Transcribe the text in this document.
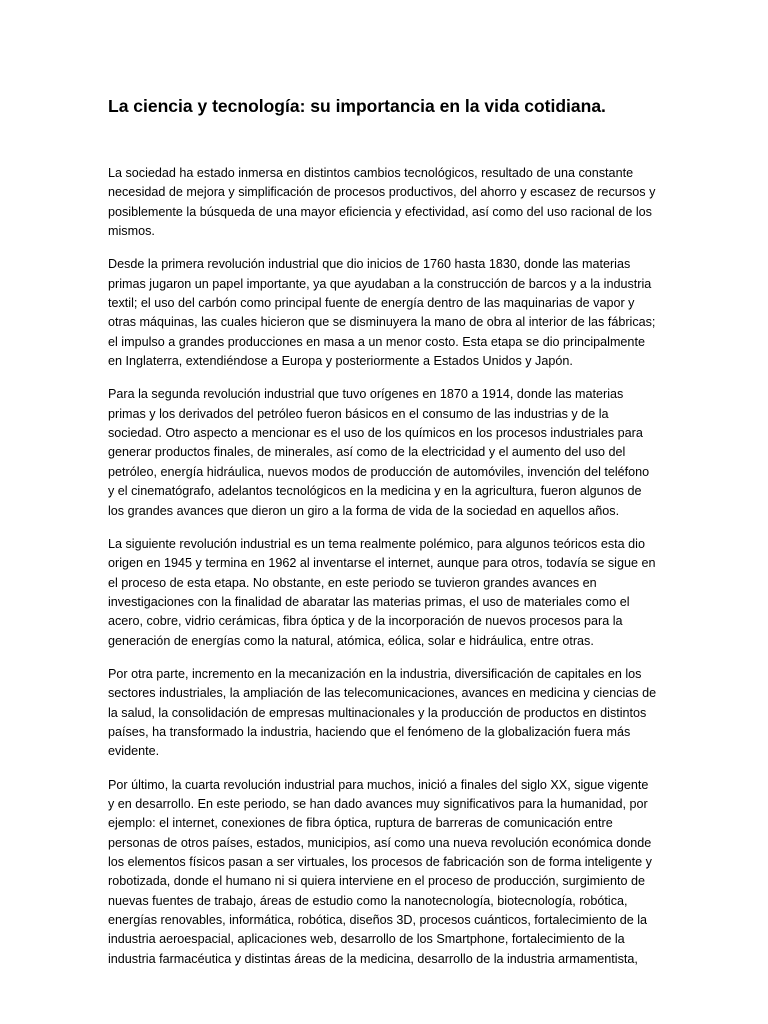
La ciencia y tecnología: su importancia en la vida cotidiana.

La sociedad ha estado inmersa en distintos cambios tecnológicos, resultado de una constante necesidad de mejora y simplificación de procesos productivos, del ahorro y escasez de recursos y posiblemente la búsqueda de una mayor eficiencia y efectividad, así como del uso racional de los mismos.

Desde la primera revolución industrial que dio inicios de 1760 hasta 1830, donde las materias primas jugaron un papel importante, ya que ayudaban a la construcción de barcos y a la industria textil; el uso del carbón como principal fuente de energía dentro de las maquinarias de vapor y otras máquinas, las cuales hicieron que se disminuyera la mano de obra al interior de las fábricas; el impulso a grandes producciones en masa a un menor costo. Esta etapa se dio principalmente en Inglaterra, extendiéndose a Europa y posteriormente a Estados Unidos y Japón.

Para la segunda revolución industrial que tuvo orígenes en 1870 a 1914, donde las materias primas y los derivados del petróleo fueron básicos en el consumo de las industrias y de la sociedad. Otro aspecto a mencionar es el uso de los químicos en los procesos industriales para generar productos finales, de minerales, así como de la electricidad y el aumento del uso del petróleo, energía hidráulica, nuevos modos de producción de automóviles, invención del teléfono y el cinematógrafo, adelantos tecnológicos en la medicina y en la agricultura, fueron algunos de los grandes avances que dieron un giro a la forma de vida de la sociedad en aquellos años.

La siguiente revolución industrial es un tema realmente polémico, para algunos teóricos esta dio origen en 1945 y termina en 1962 al inventarse el internet, aunque para otros, todavía se sigue en el proceso de esta etapa. No obstante, en este periodo se tuvieron grandes avances en investigaciones con la finalidad de abaratar las materias primas, el uso de materiales como el acero, cobre, vidrio cerámicas, fibra óptica y de la incorporación de nuevos procesos para la generación de energías como la natural, atómica, eólica, solar e hidráulica, entre otras.

Por otra parte, incremento en la mecanización en la industria, diversificación de capitales en los sectores industriales, la ampliación de las telecomunicaciones, avances en medicina y ciencias de la salud, la consolidación de empresas multinacionales y la producción de productos en distintos países, ha transformado la industria, haciendo que el fenómeno de la globalización fuera más evidente.

Por último, la cuarta revolución industrial para muchos, inició a finales del siglo XX, sigue vigente y en desarrollo. En este periodo, se han dado avances muy significativos para la humanidad, por ejemplo: el internet, conexiones de fibra óptica, ruptura de barreras de comunicación entre personas de otros países, estados, municipios, así como una nueva revolución económica donde los elementos físicos pasan a ser virtuales, los procesos de fabricación son de forma inteligente y robotizada, donde el humano ni si quiera interviene en el proceso de producción, surgimiento de nuevas fuentes de trabajo, áreas de estudio como la nanotecnología, biotecnología, robótica, energías renovables, informática, robótica, diseños 3D, procesos cuánticos, fortalecimiento de la industria aeroespacial, aplicaciones web, desarrollo de los Smartphone, fortalecimiento de la industria farmacéutica y distintas áreas de la medicina, desarrollo de la industria armamentista,
